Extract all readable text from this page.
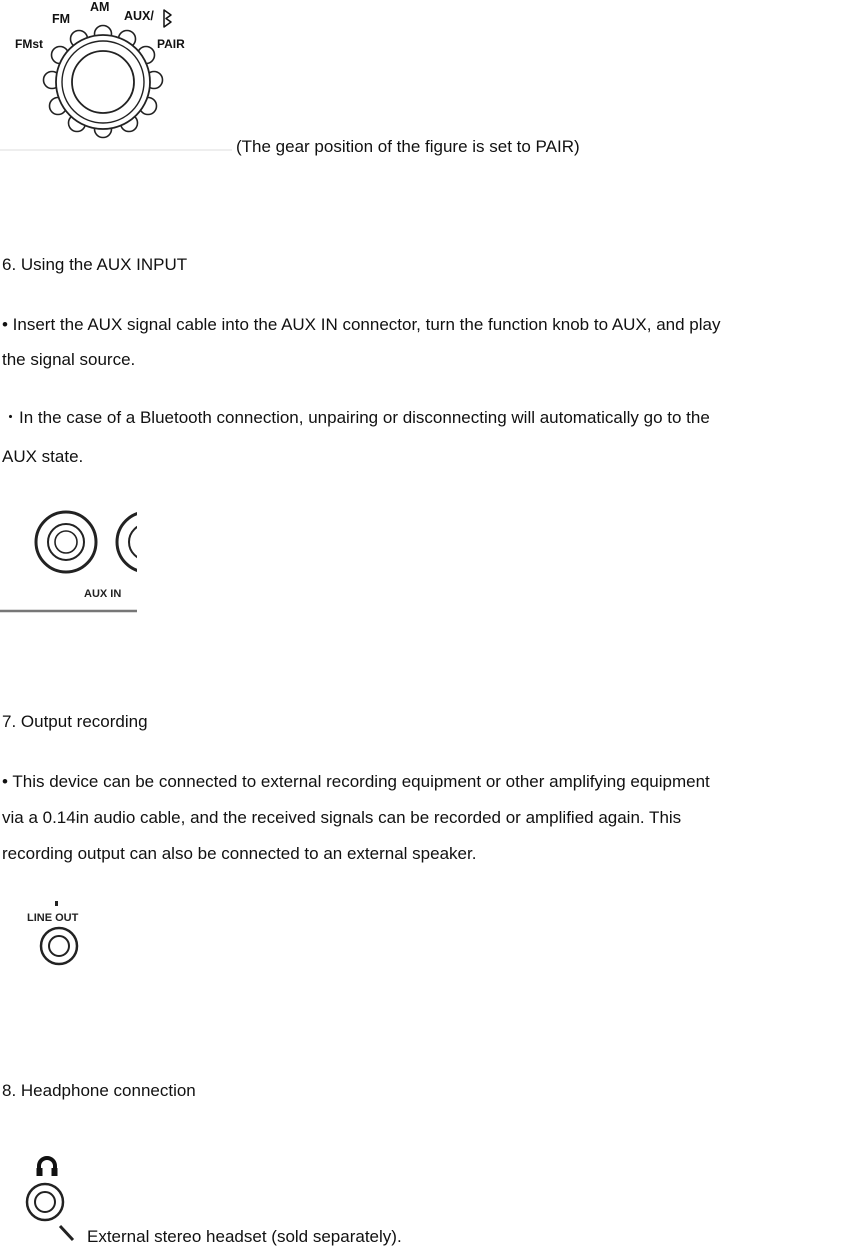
FM
AM
AUX/
FMst	PAIR
(The gear position of the figure is set to PAIR)
6. Using the AUX INPUT
• Insert the AUX signal cable into the AUX IN connector, turn the function knob to AUX, and play
the signal source.
・In the case of a Bluetooth connection, unpairing or disconnecting will automatically go to the
AUX state.
AUX IN
7. Output recording
• This device can be connected to external recording equipment or other amplifying equipment
via a 0.14in audio cable, and the received signals can be recorded or amplified again. This
recording output can also be connected to an external speaker.
LINE OUT
8. Headphone connection
External stereo headset (sold separately).
